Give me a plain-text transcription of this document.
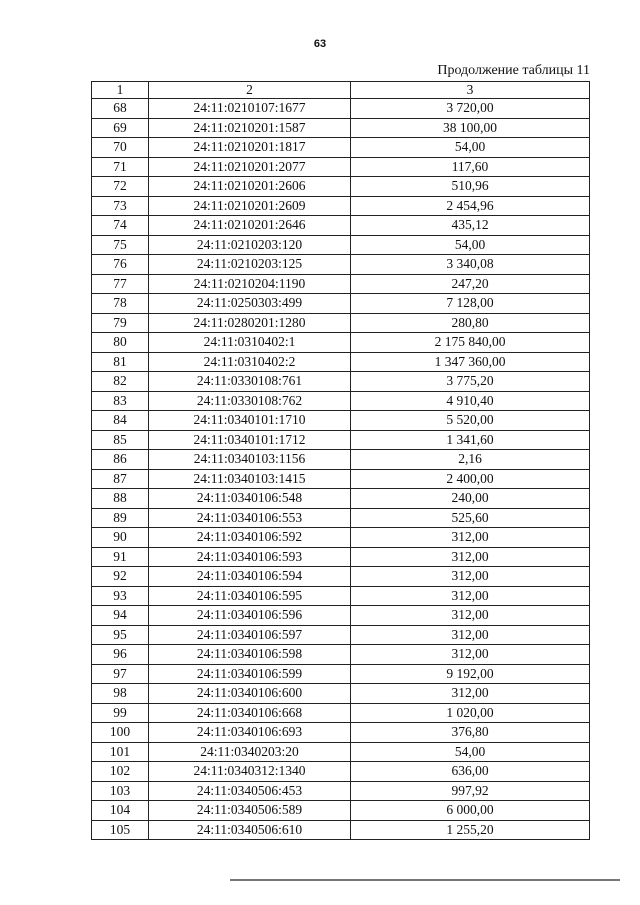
63
Продолжение таблицы 11
1	2	3
68	24:11:0210107:1677	3 720,00
69	24:11:0210201:1587	38 100,00
70	24:11:0210201:1817	54,00
71	24:11:0210201:2077	117,60
72	24:11:0210201:2606	510,96
73	24:11:0210201:2609	2 454,96
74	24:11:0210201:2646	435,12
75	24:11:0210203:120	54,00
76	24:11:0210203:125	3 340,08
77	24:11:0210204:1190	247,20
78	24:11:0250303:499	7 128,00
79	24:11:0280201:1280	280,80
80	24:11:0310402:1	2 175 840,00
81	24:11:0310402:2	1 347 360,00
82	24:11:0330108:761	3 775,20
83	24:11:0330108:762	4 910,40
84	24:11:0340101:1710	5 520,00
85	24:11:0340101:1712	1 341,60
86	24:11:0340103:1156	2,16
87	24:11:0340103:1415	2 400,00
88	24:11:0340106:548	240,00
89	24:11:0340106:553	525,60
90	24:11:0340106:592	312,00
91	24:11:0340106:593	312,00
92	24:11:0340106:594	312,00
93	24:11:0340106:595	312,00
94	24:11:0340106:596	312,00
95	24:11:0340106:597	312,00
96	24:11:0340106:598	312,00
97	24:11:0340106:599	9 192,00
98	24:11:0340106:600	312,00
99	24:11:0340106:668	1 020,00
100	24:11:0340106:693	376,80
101	24:11:0340203:20	54,00
102	24:11:0340312:1340	636,00
103	24:11:0340506:453	997,92
104	24:11:0340506:589	6 000,00
105	24:11:0340506:610	1 255,20
